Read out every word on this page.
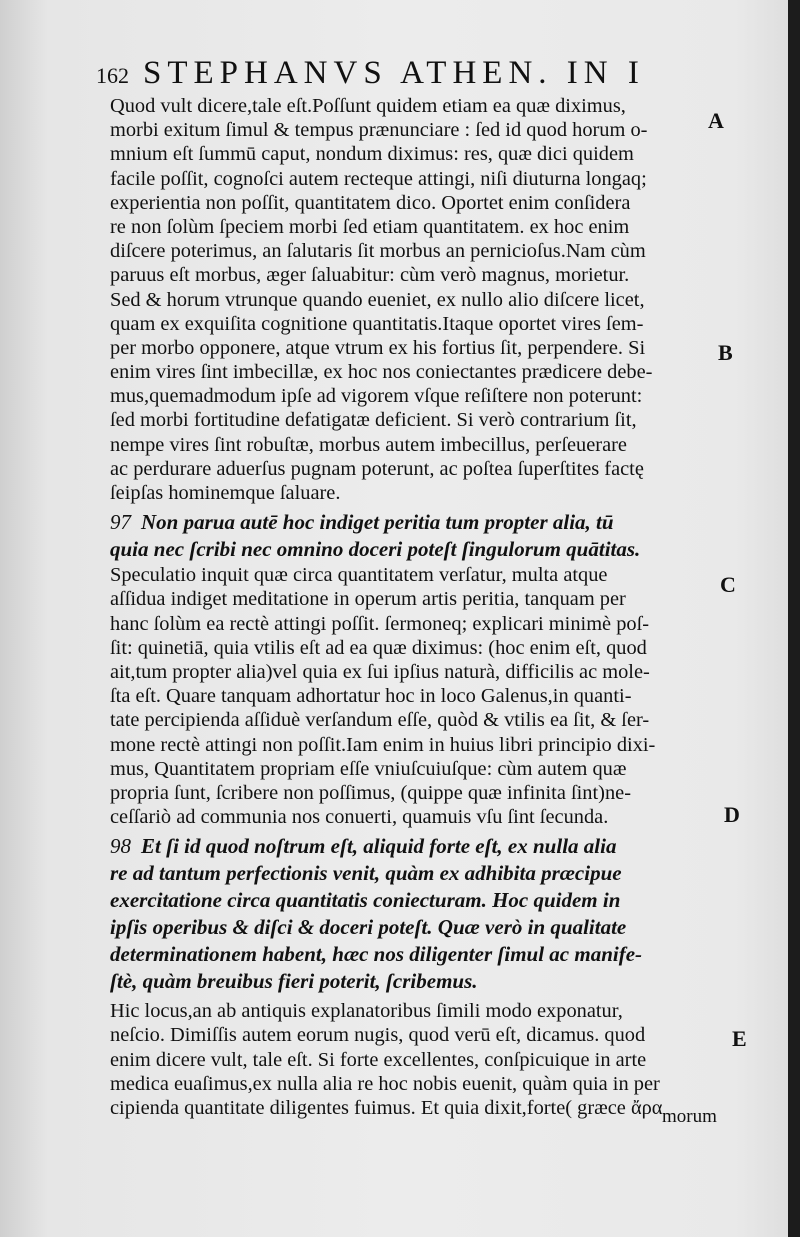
162 STEPHANVS ATHEN. IN I
Quod vult dicere,tale eſt.Poſſunt quidem etiam ea quæ diximus,
morbi exitum ſimul & tempus prænunciare : ſed id quod horum o-
mnium eſt ſummū caput, nondum diximus: res, quæ dici quidem
facile poſſit, cognoſci autem recteque attingi, niſi diuturna longaq;
experientia non poſſit, quantitatem dico. Oportet enim conſidera
re non ſolùm ſpeciem morbi ſed etiam quantitatem. ex hoc enim
diſcere poterimus, an ſalutaris ſit morbus an pernicioſus.Nam cùm
paruus eſt morbus, æger ſaluabitur: cùm verò magnus, morietur.
Sed & horum vtrunque quando eueniet, ex nullo alio diſcere licet,
quam ex exquiſita cognitione quantitatis.Itaque oportet vires ſem-
per morbo opponere, atque vtrum ex his fortius ſit, perpendere. Si
enim vires ſint imbecillæ, ex hoc nos coniectantes prædicere debe-
mus,quemadmodum ipſe ad vigorem vſque reſiſtere non poterunt:
ſed morbi fortitudine defatigatæ deficient. Si verò contrarium ſit,
nempe vires ſint robuſtæ, morbus autem imbecillus, perſeuerare
ac perdurare aduerſus pugnam poterunt, ac poſtea ſuperſtites factę
ſeipſas hominemque ſaluare.
97 Non parua autē hoc indiget peritia tum propter alia, tū
quia nec ſcribi nec omnino doceri poteſt ſingulorum quātitas.
Speculatio inquit quæ circa quantitatem verſatur, multa atque
aſſidua indiget meditatione in operum artis peritia, tanquam per
hanc ſolùm ea rectè attingi poſſit. ſermoneq; explicari minimè poſ-
ſit: quinetiā, quia vtilis eſt ad ea quæ diximus: (hoc enim eſt, quod
ait,tum propter alia)vel quia ex ſui ipſius naturà, difficilis ac mole-
ſta eſt. Quare tanquam adhortatur hoc in loco Galenus,in quanti-
tate percipienda aſſiduè verſandum eſſe, quòd & vtilis ea ſit, & ſer-
mone rectè attingi non poſſit.Iam enim in huius libri principio dixi-
mus, Quantitatem propriam eſſe vniuſcuiuſque: cùm autem quæ
propria ſunt, ſcribere non poſſimus, (quippe quæ infinita ſint)ne-
ceſſariò ad communia nos conuerti, quamuis vſu ſint ſecunda.
98 Et ſi id quod noſtrum eſt, aliquid forte eſt, ex nulla alia
re ad tantum perfectionis venit, quàm ex adhibita præcipue
exercitatione circa quantitatis coniecturam. Hoc quidem in
ipſis operibus & diſci & doceri poteſt. Quæ verò in qualitate
determinationem habent, hæc nos diligenter ſimul ac manife-
ſtè, quàm breuibus fieri poterit, ſcribemus.
Hic locus,an ab antiquis explanatoribus ſimili modo exponatur,
neſcio. Dimiſſis autem eorum nugis, quod verū eſt, dicamus. quod
enim dicere vult, tale eſt. Si forte excellentes, conſpicuique in arte
medica euaſimus,ex nulla alia re hoc nobis euenit, quàm quia in per
cipienda quantitate diligentes fuimus. Et quia dixit,forte( græce ἄρα
A
B
C
D
E
morum
